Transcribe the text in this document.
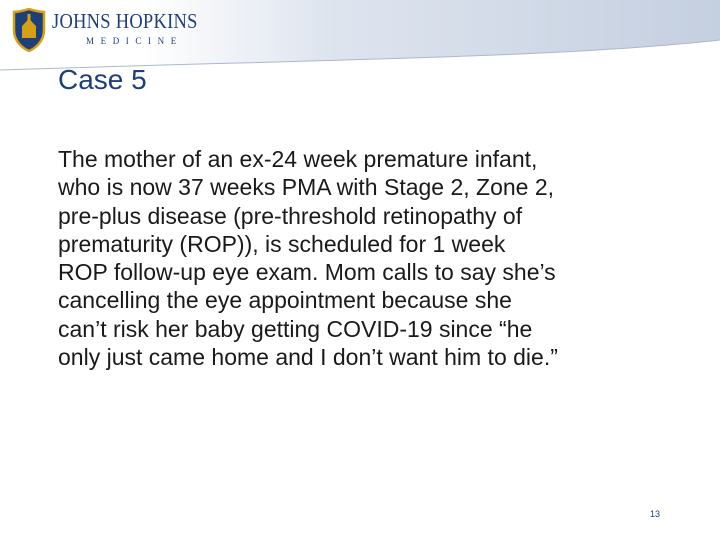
JOHNS HOPKINS
MEDICINE
Case 5
The mother of an ex-24 week premature infant,
who is now 37 weeks PMA with Stage 2, Zone 2,
pre-plus disease (pre-threshold retinopathy of
prematurity (ROP)), is scheduled for 1 week
ROP follow-up eye exam. Mom calls to say she’s
cancelling the eye appointment because she
can’t risk her baby getting COVID-19 since “he
only just came home and I don’t want him to die.”
13
